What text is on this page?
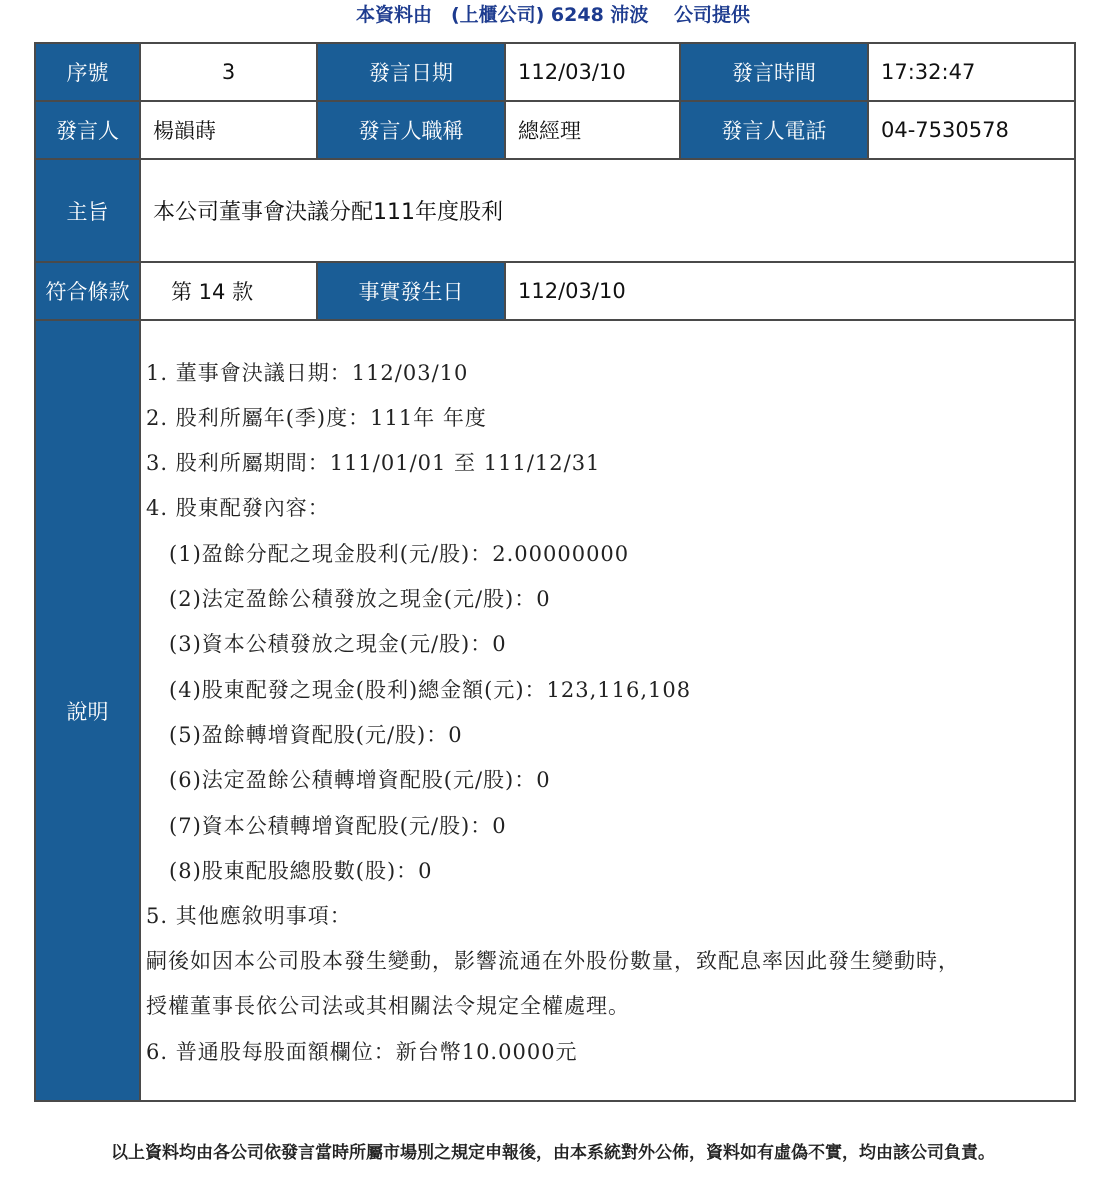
本資料由　(上櫃公司) 6248 沛波　 公司提供
序號	3	發言日期	112/03/10	發言時間	17:32:47
發言人	楊韻蒔	發言人職稱	總經理	發言人電話	04-7530578
主旨	本公司董事會決議分配111年度股利
符合條款	第 14 款	事實發生日	112/03/10
說明
1. 董事會決議日期：112/03/10
2. 股利所屬年(季)度：111年 年度
3. 股利所屬期間：111/01/01 至 111/12/31
4. 股東配發內容：
(1)盈餘分配之現金股利(元/股)：2.00000000
(2)法定盈餘公積發放之現金(元/股)：0
(3)資本公積發放之現金(元/股)：0
(4)股東配發之現金(股利)總金額(元)：123,116,108
(5)盈餘轉增資配股(元/股)：0
(6)法定盈餘公積轉增資配股(元/股)：0
(7)資本公積轉增資配股(元/股)：0
(8)股東配股總股數(股)：0
5. 其他應敘明事項：
嗣後如因本公司股本發生變動，影響流通在外股份數量，致配息率因此發生變動時，
授權董事長依公司法或其相關法令規定全權處理。
6. 普通股每股面額欄位：新台幣10.0000元
以上資料均由各公司依發言當時所屬市場別之規定申報後，由本系統對外公佈，資料如有虛偽不實，均由該公司負責。
